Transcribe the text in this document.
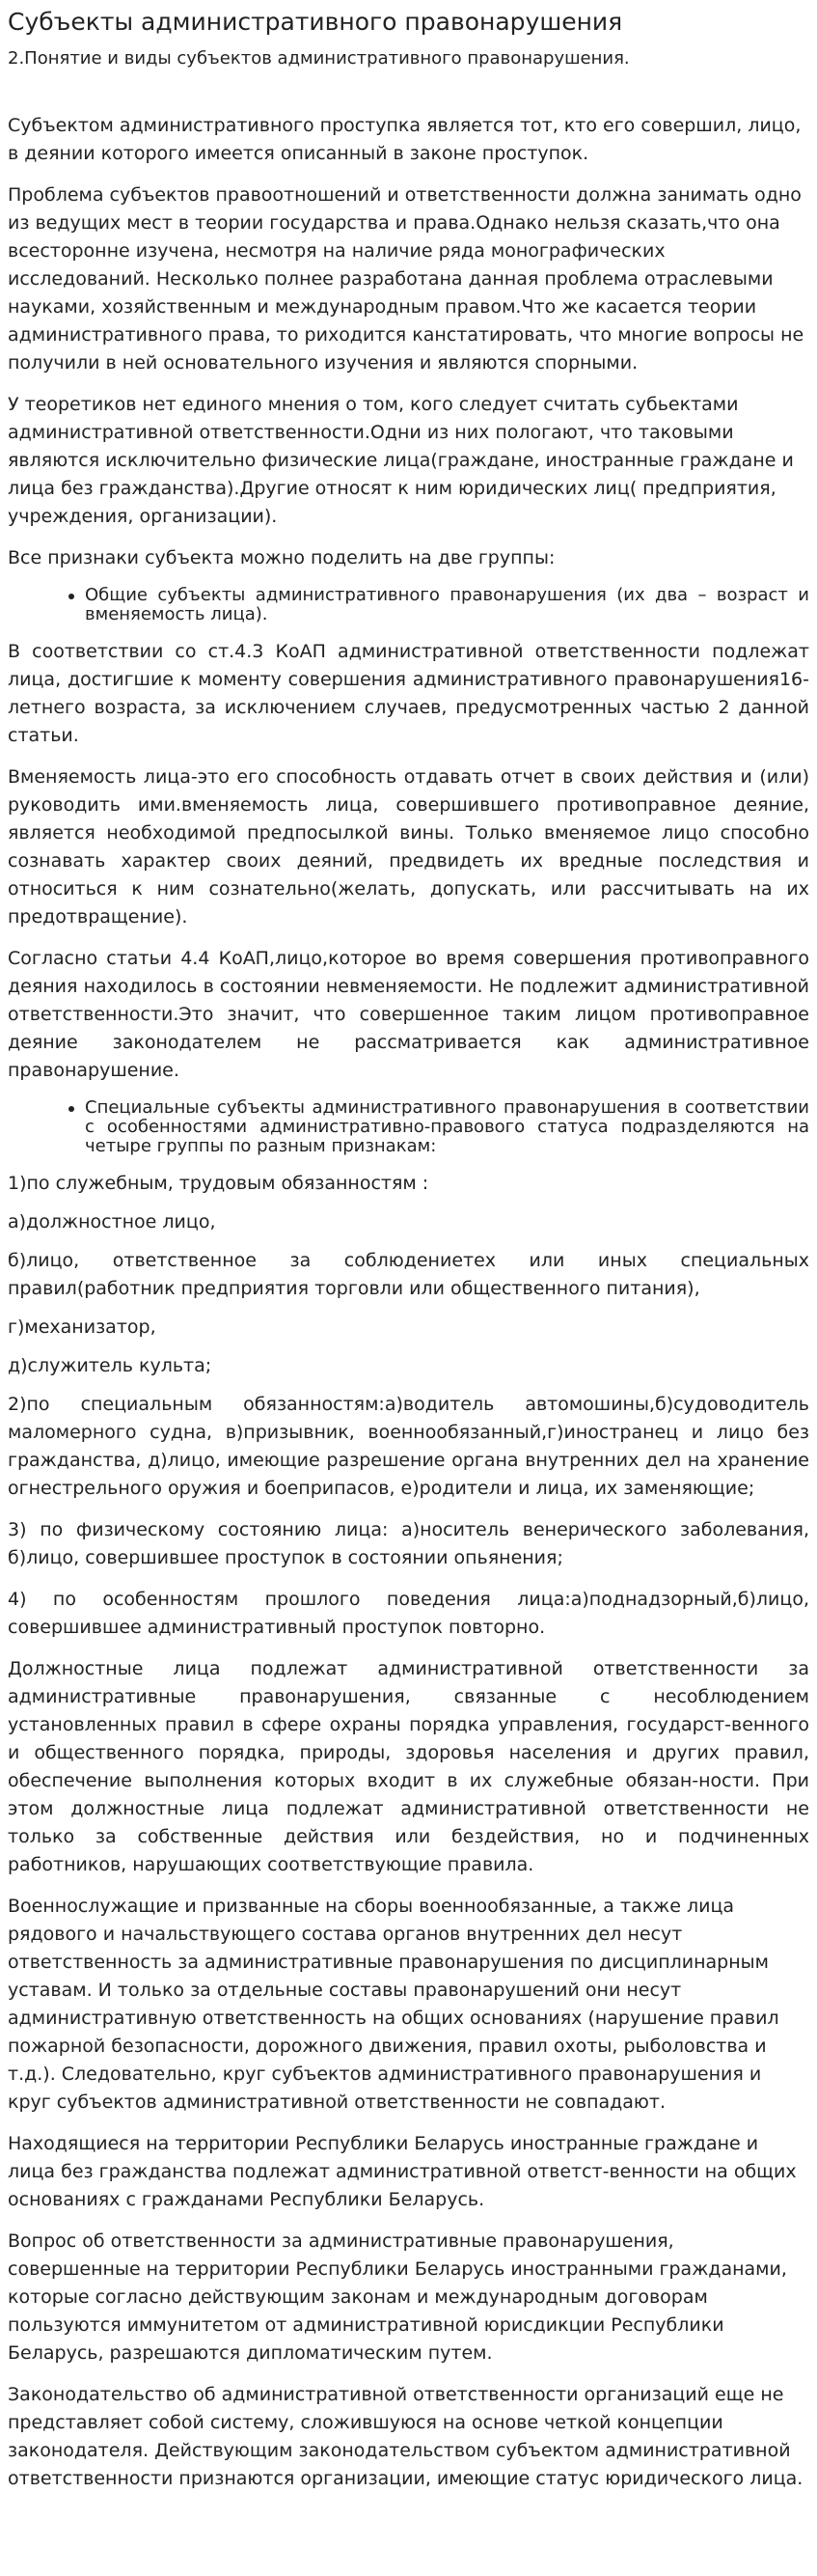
Субъекты административного правонарушения
2.Понятие и виды субъектов административного правонарушения.

Субъектом административного проступка является тот, кто его совершил, лицо, в деянии которого имеется описанный в законе проступок.

Проблема субъектов правоотношений и ответственности должна занимать одно из ведущих мест в теории государства и права.Однако нельзя сказать,что она всесторонне изучена, несмотря на наличие ряда монографических исследований. Несколько полнее разработана данная проблема отраслевыми науками, хозяйственным и международным правом.Что же касается теории административного права, то риходится канстатировать, что многие вопросы не получили в ней основательного изучения и являются спорными.

У теоретиков нет единого мнения о том, кого следует считать субьектами административной ответственности.Одни из них пологают, что таковыми являются исключительно физические лица(граждане, иностранные граждане и лица без гражданства).Другие относят к ним юридических лиц( предприятия, учреждения, организации).

Все признаки субъекта можно поделить на две группы:

Общие субъекты административного правонарушения (их два – возраст и вменяемость лица).

В соответствии со ст.4.3 КоАП административной ответственности подлежат лица, достигшие к моменту совершения административного правонарушения16-летнего возраста, за исключением случаев, предусмотренных частью 2 данной статьи.

Вменяемость лица-это его способность отдавать отчет в своих действия и (или) руководить ими.вменяемость лица, совершившего противоправное деяние, является необходимой предпосылкой вины. Только вменяемое лицо способно сознавать характер своих деяний, предвидеть их вредные последствия и относиться к ним сознательно(желать, допускать, или рассчитывать на их предотвращение).

Согласно статьи 4.4 КоАП,лицо,которое во время совершения противоправного деяния находилось в состоянии невменяемости. Не подлежит административной ответственности.Это значит, что совершенное таким лицом противоправное деяние законодателем не рассматривается как административное правонарушение.

Специальные субъекты административного правонарушения в соответствии с особенностями административно-правового статуса подразделяются на четыре группы по разным признакам:

1)по служебным, трудовым обязанностям :

а)должностное лицо,

б)лицо, ответственное за соблюдениетех или иных специальных правил(работник предприятия торговли или общественного питания),

г)механизатор,

д)служитель культа;

2)по специальным обязанностям:а)водитель автомошины,б)судоводитель маломерного судна, в)призывник, военнообязанный,г)иностранец и лицо без гражданства, д)лицо, имеющие разрешение органа внутренних дел на хранение огнестрельного оружия и боеприпасов, е)родители и лица, их заменяющие;

3) по физическому состоянию лица: а)носитель венерического заболевания, б)лицо, совершившее проступок в состоянии опьянения;

4) по особенностям прошлого поведения лица:а)поднадзорный,б)лицо, совершившее административный проступок повторно.

Должностные лица подлежат административной ответственности за административные правонарушения, связанные с несоблюдением установленных правил в сфере охраны порядка управления, государст-венного и общественного порядка, природы, здоровья населения и других правил, обеспечение выполнения которых входит в их служебные обязан-ности. При этом должностные лица подлежат административной ответственности не только за собственные действия или бездействия, но и подчиненных работников, нарушающих соответствующие правила.

Военнослужащие и призванные на сборы военнообязанные, а также лица рядового и начальствующего состава органов внутренних дел несут ответственность за административные правонарушения по дисциплинарным уставам. И только за отдельные составы правонарушений они несут административную ответственность на общих основаниях (нарушение правил пожарной безопасности, дорожного движения, правил охоты, рыболовства и т.д.). Следовательно, круг субъектов административного правонарушения и круг субъектов административной ответственности не совпадают.

Находящиеся на территории Республики Беларусь иностранные граждане и лица без гражданства подлежат административной ответст-венности на общих основаниях с гражданами Республики Беларусь.

Вопрос об ответственности за административные правонарушения, совершенные на территории Республики Беларусь иностранными гражданами, которые согласно действующим законам и международным договорам пользуются иммунитетом от административной юрисдикции Республики Беларусь, разрешаются дипломатическим путем.

Законодательство об административной ответственности организаций еще не представляет собой систему, сложившуюся на основе четкой концепции законодателя. Действующим законодательством субъектом административной ответственности признаются организации, имеющие статус юридического лица.
